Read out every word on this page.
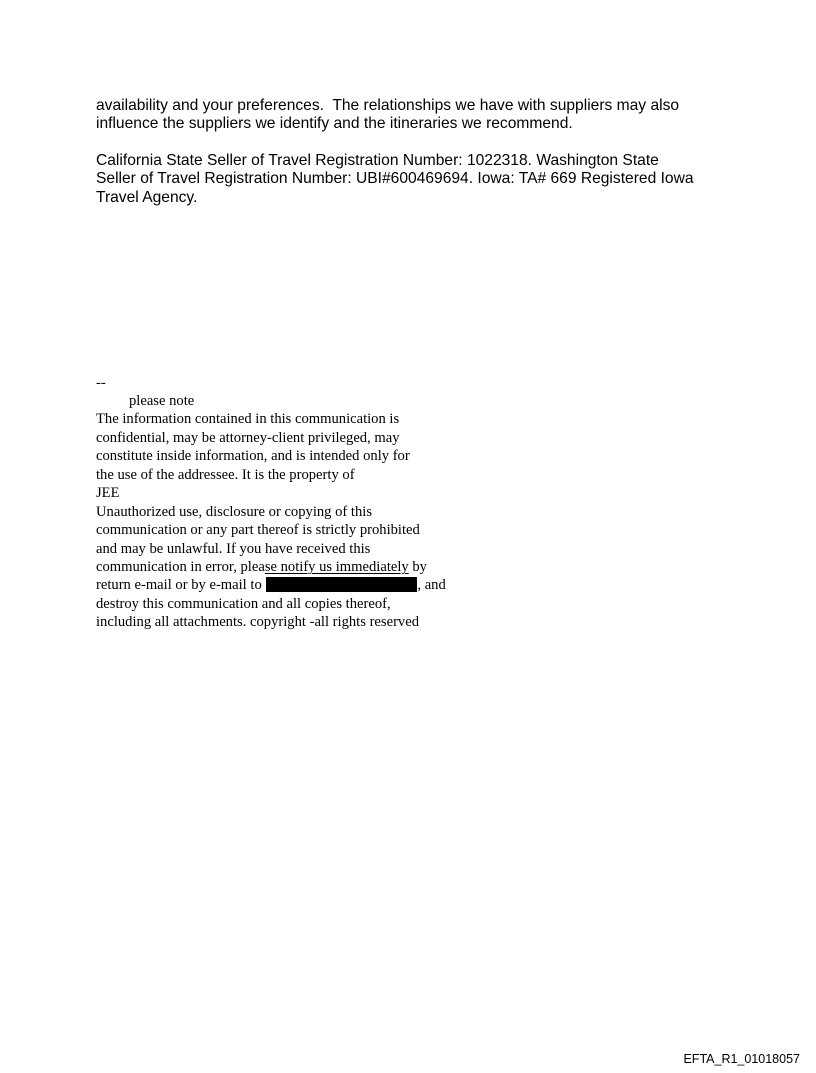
availability and your preferences.  The relationships we have with suppliers may also
influence the suppliers we identify and the itineraries we recommend.
California State Seller of Travel Registration Number: 1022318. Washington State
Seller of Travel Registration Number: UBI#600469694. Iowa: TA# 669 Registered Iowa
Travel Agency.
--
please note
The information contained in this communication is
confidential, may be attorney-client privileged, may
constitute inside information, and is intended only for
the use of the addressee. It is the property of
JEE
Unauthorized use, disclosure or copying of this
communication or any part thereof is strictly prohibited
and may be unlawful. If you have received this
communication in error, please notify us immediately by
return e-mail or by e-mail to	, and
destroy this communication and all copies thereof,
including all attachments. copyright -all rights reserved
EFTA_R1_01018057
